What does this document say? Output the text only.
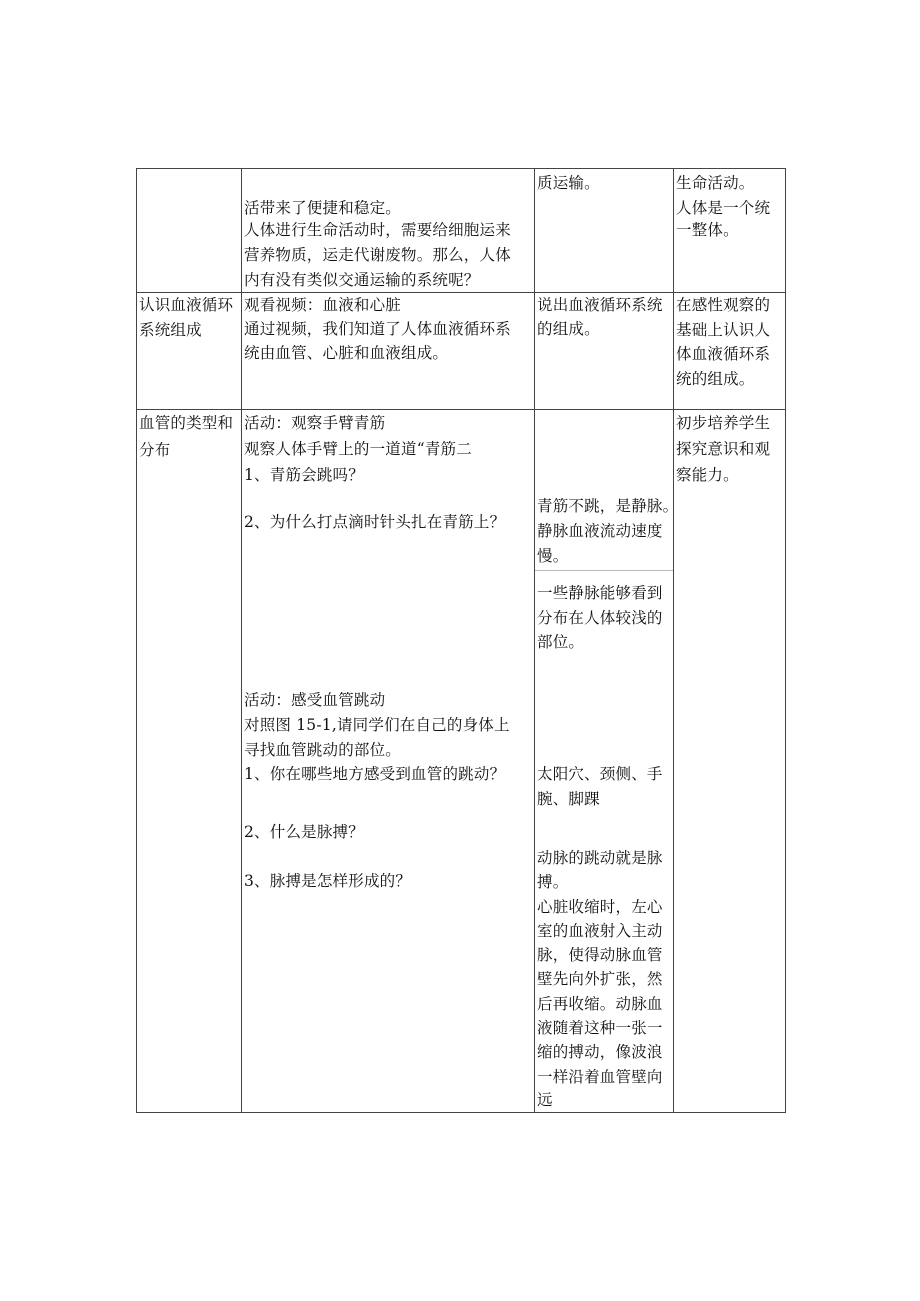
活带来了便捷和稳定。
人体进行生命活动时，需要给细胞运来
营养物质，运走代谢废物。那么，人体
内有没有类似交通运输的系统呢？
质运输。	生命活动。
人体是一个统
一整体。
认识血液循环
系统组成
观看视频：血液和心脏
通过视频，我们知道了人体血液循环系
统由血管、心脏和血液组成。
说出血液循环系统
的组成。
在感性观察的
基础上认识人
体血液循环系
统的组成。
血管的类型和
分布
活动：观察手臂青筋
观察人体手臂上的一道道“青筋二
1、青筋会跳吗？
2、为什么打点滴时针头扎在青筋上？
活动：感受血管跳动
对照图 15-1,请同学们在自己的身体上
寻找血管跳动的部位。
1、你在哪些地方感受到血管的跳动？
2、什么是脉搏？
3、脉搏是怎样形成的？
青筋不跳，是静脉。
静脉血液流动速度
慢。
一些静脉能够看到
分布在人体较浅的
部位。
太阳穴、颈侧、手
腕、脚踝
动脉的跳动就是脉
搏。
心脏收缩时，左心
室的血液射入主动
脉，使得动脉血管
壁先向外扩张，然
后再收缩。动脉血
液随着这种一张一
缩的搏动，像波浪
一样沿着血管壁向
远
初步培养学生
探究意识和观
察能力。
